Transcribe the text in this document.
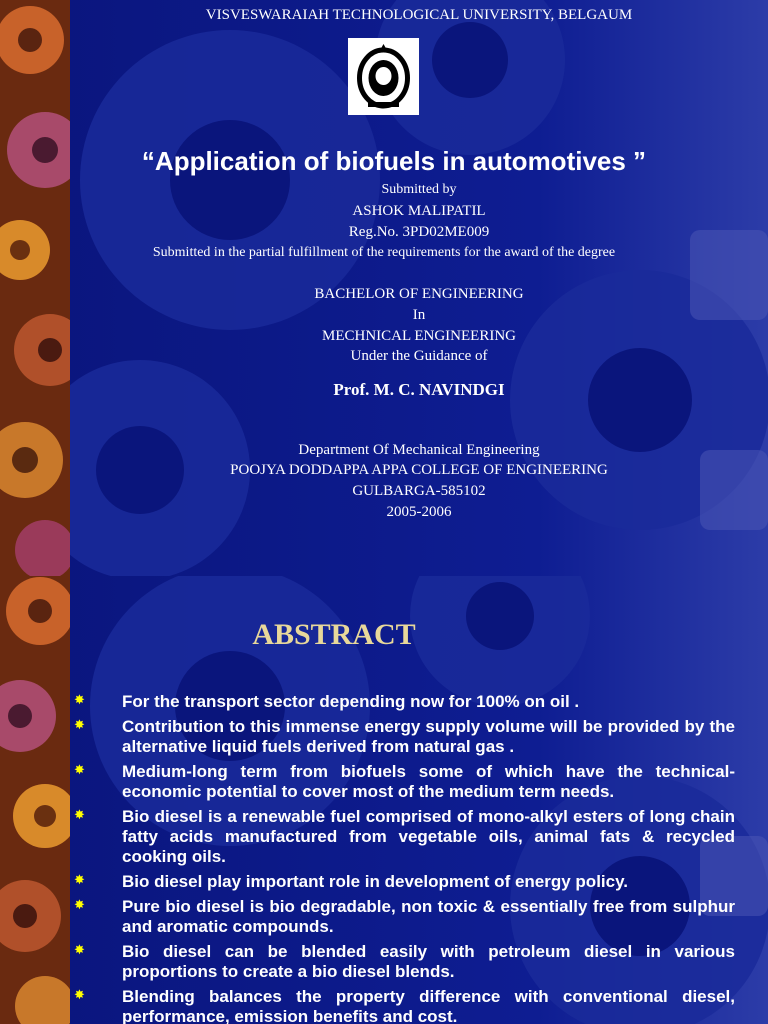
VISVESWARAIAH TECHNOLOGICAL UNIVERSITY, BELGAUM
“Application of biofuels in automotives ”
Submitted by
ASHOK MALIPATIL
Reg.No. 3PD02ME009
Submitted in the partial fulfillment of the requirements for the award of the degree
BACHELOR OF ENGINEERING
In
MECHNICAL ENGINEERING
Under the Guidance of
Prof. M. C. NAVINDGI
Department Of Mechanical Engineering
POOJYA DODDAPPA APPA COLLEGE OF ENGINEERING
GULBARGA-585102
2005-2006
ABSTRACT
✸ For the transport sector depending now for 100% on oil .
✸ Contribution to this immense energy supply volume will be provided by the alternative liquid fuels derived from natural gas .
✸ Medium-long term from biofuels some of which have the technical-economic potential to cover most of the medium term needs.
✸ Bio diesel is a renewable fuel comprised of mono-alkyl esters of long chain fatty acids manufactured from vegetable oils, animal fats & recycled cooking oils.
✸ Bio diesel play important role in development of energy policy.
✸ Pure bio diesel is bio degradable, non toxic & essentially free from sulphur and aromatic compounds.
✸ Bio diesel can be blended easily with petroleum diesel in various proportions to create a bio diesel blends.
✸ Blending balances the property difference with conventional diesel, performance, emission benefits and cost.
